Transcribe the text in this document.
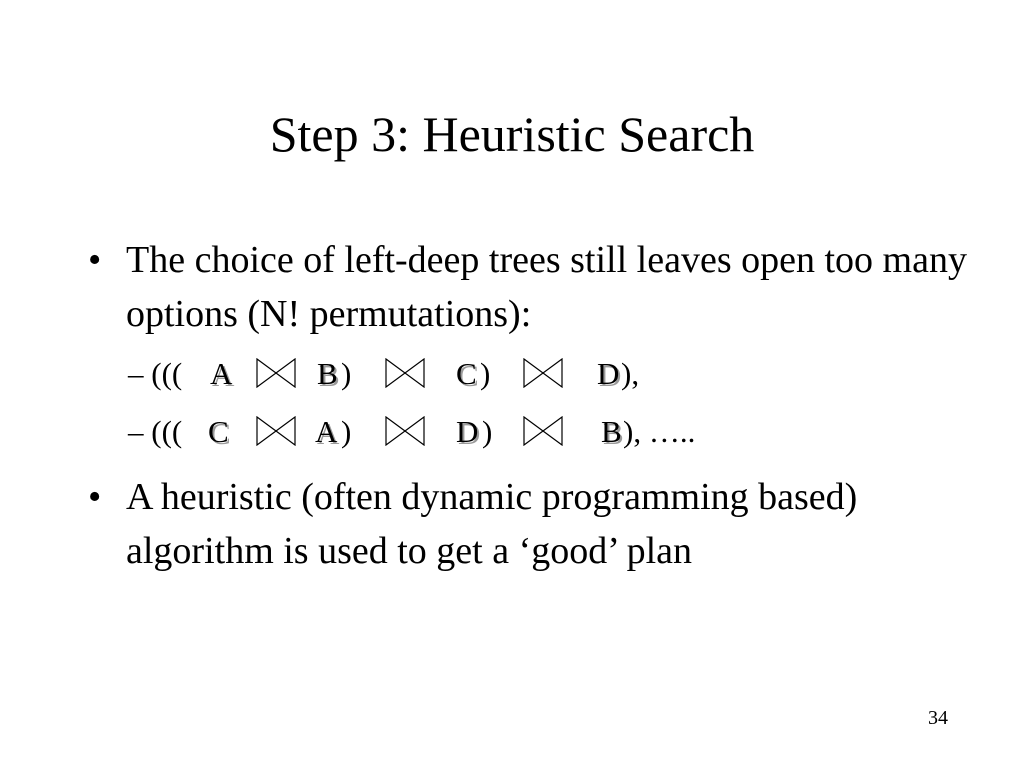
Step 3: Heuristic Search
• The choice of left-deep trees still leaves open too many options (N! permutations):
– ((( A	B )	C )	D ),
– ((( C	A )	D )	B ), …..
• A heuristic (often dynamic programming based) algorithm is used to get a ‘good’ plan
34
